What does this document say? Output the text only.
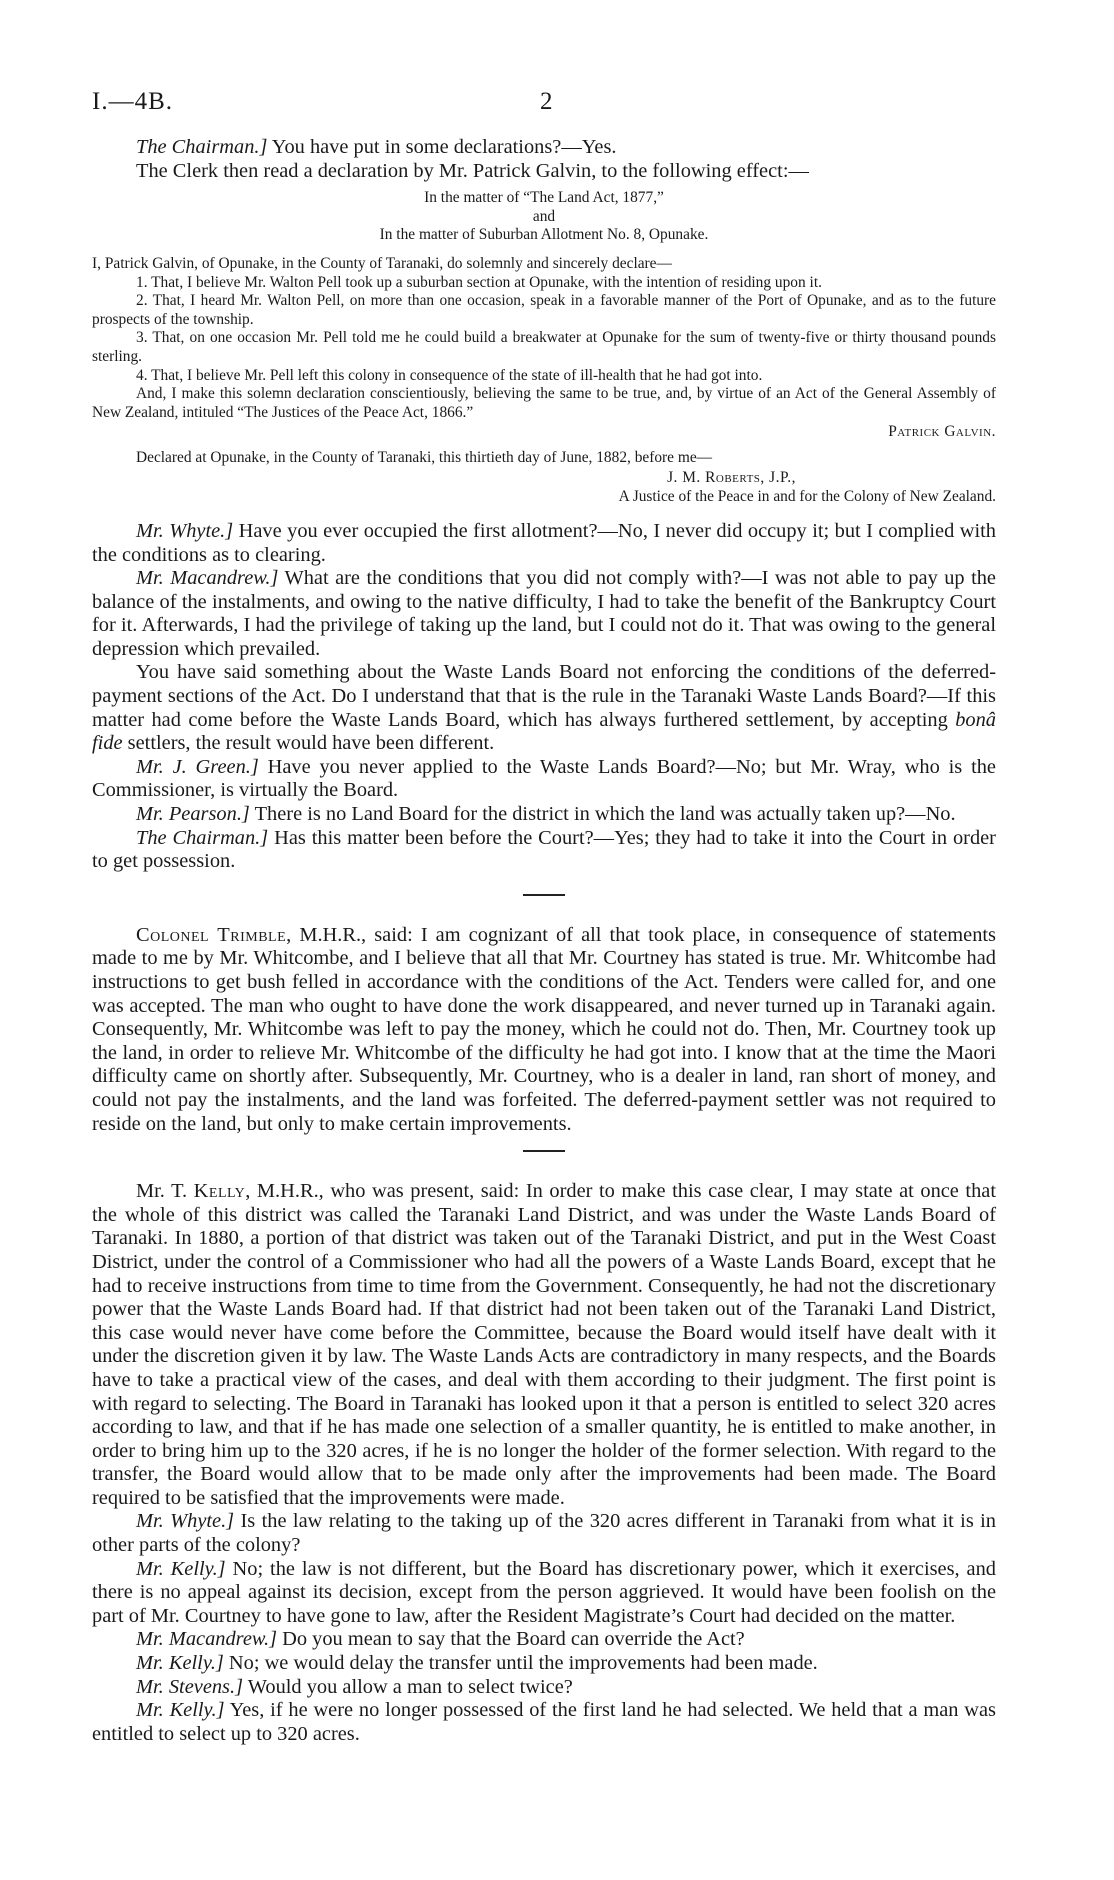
I.—4B.	2

The Chairman.] You have put in some declarations?—Yes.

The Clerk then read a declaration by Mr. Patrick Galvin, to the following effect:—

In the matter of “The Land Act, 1877,”

and

In the matter of Suburban Allotment No. 8, Opunake.

I, Patrick Galvin, of Opunake, in the County of Taranaki, do solemnly and sincerely declare—

1. That, I believe Mr. Walton Pell took up a suburban section at Opunake, with the intention of residing upon it.

2. That, I heard Mr. Walton Pell, on more than one occasion, speak in a favorable manner of the Port of Opunake, and as to the future prospects of the township.

3. That, on one occasion Mr. Pell told me he could build a breakwater at Opunake for the sum of twenty-five or thirty thousand pounds sterling.

4. That, I believe Mr. Pell left this colony in consequence of the state of ill-health that he had got into.

And, I make this solemn declaration conscientiously, believing the same to be true, and, by virtue of an Act of the General Assembly of New Zealand, intituled “The Justices of the Peace Act, 1866.”

Patrick Galvin.

Declared at Opunake, in the County of Taranaki, this thirtieth day of June, 1882, before me—

J. M. Roberts, J.P.,

A Justice of the Peace in and for the Colony of New Zealand.

Mr. Whyte.] Have you ever occupied the first allotment?—No, I never did occupy it; but I complied with the conditions as to clearing.

Mr. Macandrew.] What are the conditions that you did not comply with?—I was not able to pay up the balance of the instalments, and owing to the native difficulty, I had to take the benefit of the Bankruptcy Court for it. Afterwards, I had the privilege of taking up the land, but I could not do it. That was owing to the general depression which prevailed.

You have said something about the Waste Lands Board not enforcing the conditions of the deferred-payment sections of the Act. Do I understand that that is the rule in the Taranaki Waste Lands Board?—If this matter had come before the Waste Lands Board, which has always furthered settlement, by accepting bonâ fide settlers, the result would have been different.

Mr. J. Green.] Have you never applied to the Waste Lands Board?—No; but Mr. Wray, who is the Commissioner, is virtually the Board.

Mr. Pearson.] There is no Land Board for the district in which the land was actually taken up?—No.

The Chairman.] Has this matter been before the Court?—Yes; they had to take it into the Court in order to get possession.

Colonel Trimble, M.H.R., said: I am cognizant of all that took place, in consequence of statements made to me by Mr. Whitcombe, and I believe that all that Mr. Courtney has stated is true. Mr. Whitcombe had instructions to get bush felled in accordance with the conditions of the Act. Tenders were called for, and one was accepted. The man who ought to have done the work disappeared, and never turned up in Taranaki again. Consequently, Mr. Whitcombe was left to pay the money, which he could not do. Then, Mr. Courtney took up the land, in order to relieve Mr. Whitcombe of the difficulty he had got into. I know that at the time the Maori difficulty came on shortly after. Subsequently, Mr. Courtney, who is a dealer in land, ran short of money, and could not pay the instalments, and the land was forfeited. The deferred-payment settler was not required to reside on the land, but only to make certain improvements.

Mr. T. Kelly, M.H.R., who was present, said: In order to make this case clear, I may state at once that the whole of this district was called the Taranaki Land District, and was under the Waste Lands Board of Taranaki. In 1880, a portion of that district was taken out of the Taranaki District, and put in the West Coast District, under the control of a Commissioner who had all the powers of a Waste Lands Board, except that he had to receive instructions from time to time from the Government. Consequently, he had not the discretionary power that the Waste Lands Board had. If that district had not been taken out of the Taranaki Land District, this case would never have come before the Committee, because the Board would itself have dealt with it under the discretion given it by law. The Waste Lands Acts are contradictory in many respects, and the Boards have to take a practical view of the cases, and deal with them according to their judgment. The first point is with regard to selecting. The Board in Taranaki has looked upon it that a person is entitled to select 320 acres according to law, and that if he has made one selection of a smaller quantity, he is entitled to make another, in order to bring him up to the 320 acres, if he is no longer the holder of the former selection. With regard to the transfer, the Board would allow that to be made only after the improvements had been made. The Board required to be satisfied that the improvements were made.

Mr. Whyte.] Is the law relating to the taking up of the 320 acres different in Taranaki from what it is in other parts of the colony?

Mr. Kelly.] No; the law is not different, but the Board has discretionary power, which it exercises, and there is no appeal against its decision, except from the person aggrieved. It would have been foolish on the part of Mr. Courtney to have gone to law, after the Resident Magistrate’s Court had decided on the matter.

Mr. Macandrew.] Do you mean to say that the Board can override the Act?

Mr. Kelly.] No; we would delay the transfer until the improvements had been made.

Mr. Stevens.] Would you allow a man to select twice?

Mr. Kelly.] Yes, if he were no longer possessed of the first land he had selected. We held that a man was entitled to select up to 320 acres.
